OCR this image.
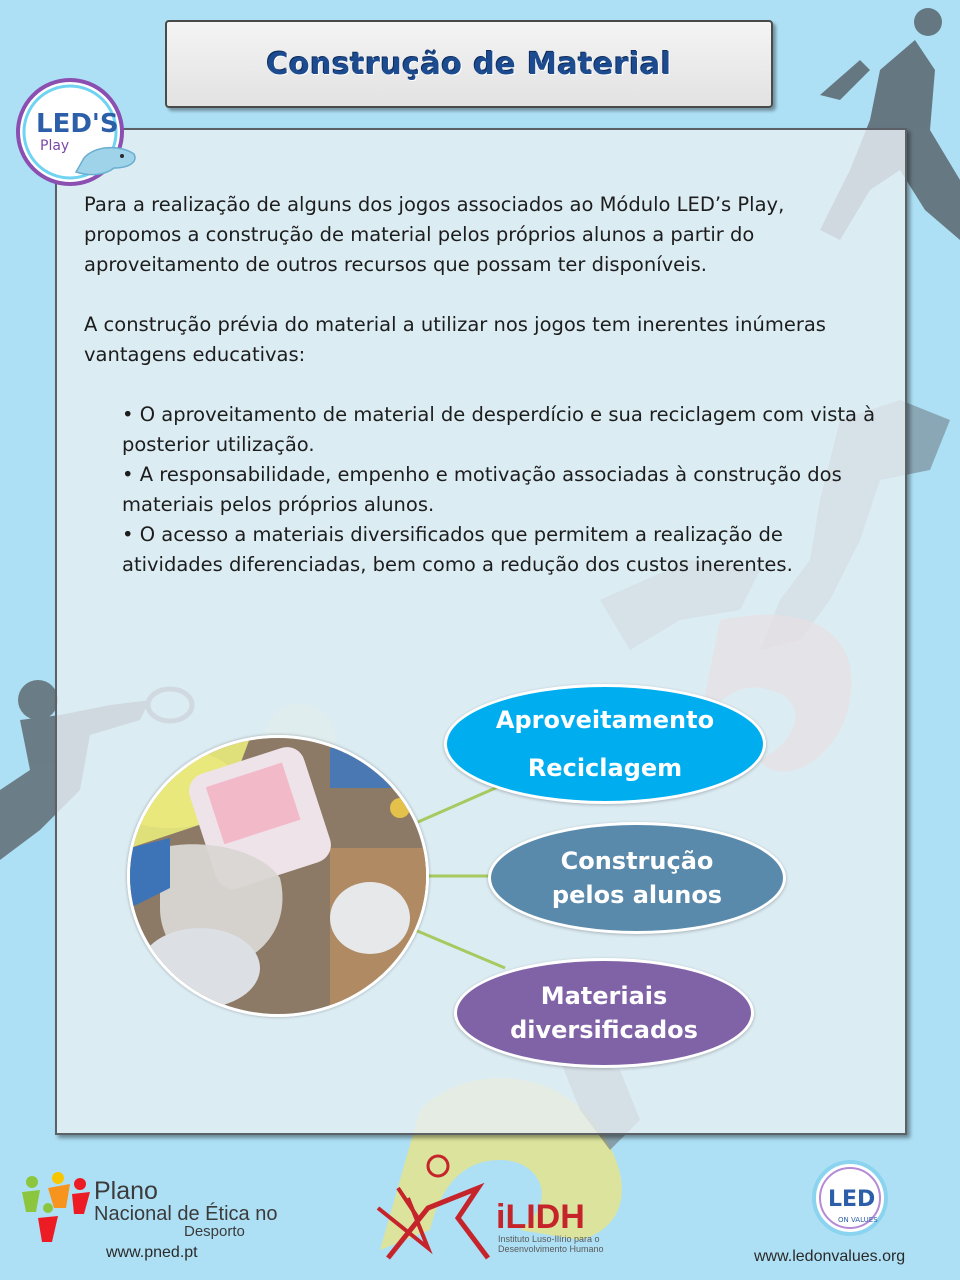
Construção de Material
LED'S
Play

Para a realização de alguns dos jogos associados ao Módulo LED’s Play, propomos a construção de material pelos próprios alunos a partir do aproveitamento de outros recursos que possam ter disponíveis.

A construção prévia do material a utilizar nos jogos tem inerentes inúmeras vantagens educativas:

• O aproveitamento de material de desperdício e sua reciclagem com vista à posterior utilização.
• A responsabilidade, empenho e motivação associadas à construção dos materiais pelos próprios alunos.
• O acesso a materiais diversificados que permitem a realização de atividades diferenciadas, bem como a redução dos custos inerentes.
Aproveitamento
Reciclagem
Construção
pelos alunos
Materiais
diversificados
Plano
Nacional de Ética no
Desporto
www.pned.pt
iLIDH
Instituto Luso-Ilírio para o
Desenvolvimento Humano
LED
ON VALUES
www.ledonvalues.org
